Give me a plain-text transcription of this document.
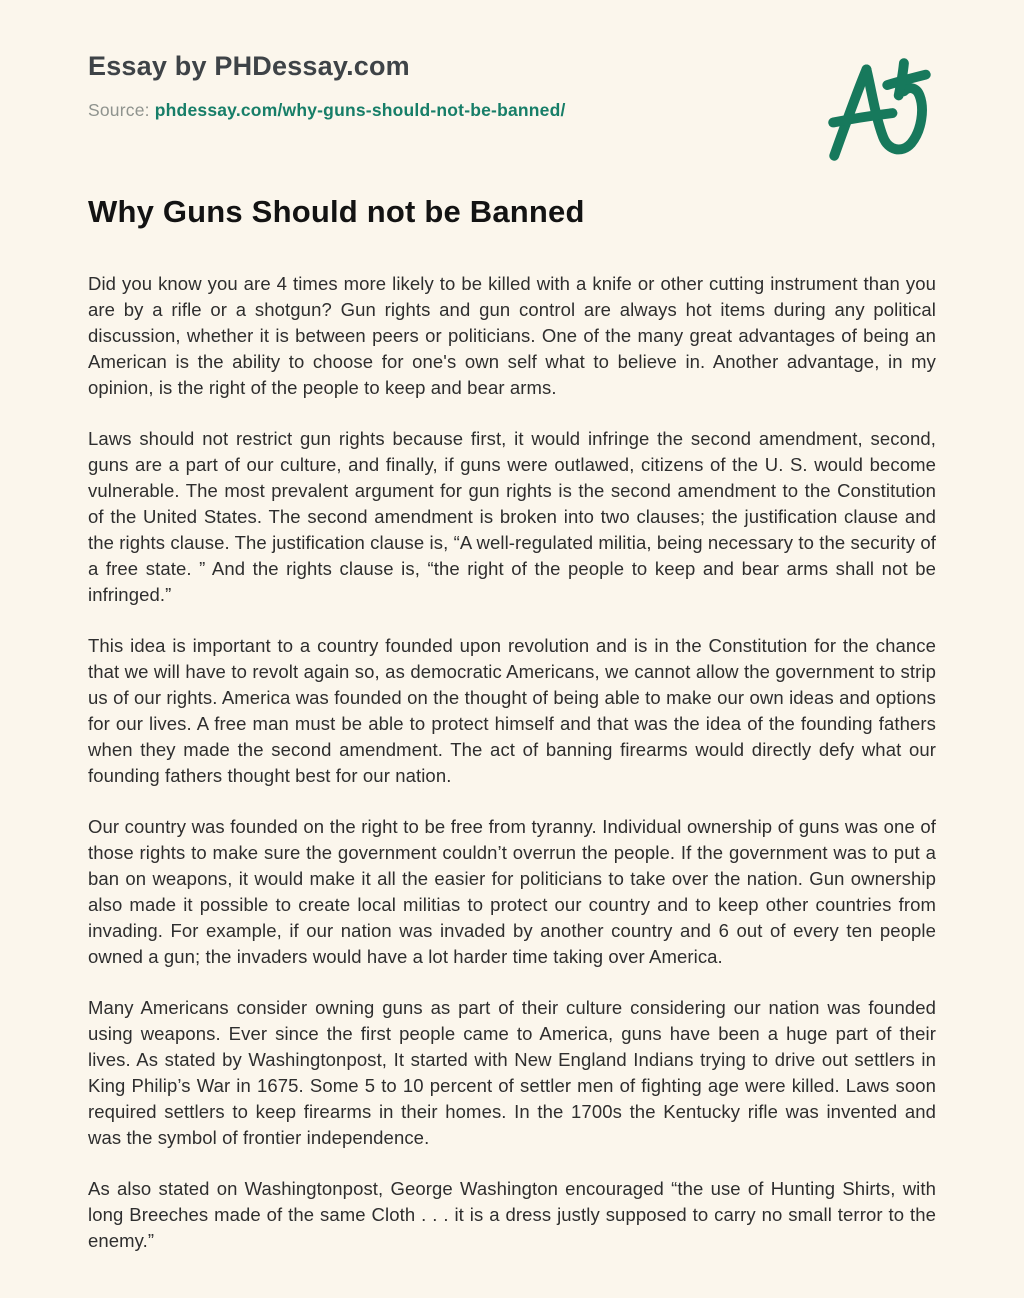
Essay by PHDessay.com
Source: phdessay.com/why-guns-should-not-be-banned/
Why Guns Should not be Banned

Did you know you are 4 times more likely to be killed with a knife or other cutting instrument than you are by a rifle or a shotgun? Gun rights and gun control are always hot items during any political discussion, whether it is between peers or politicians. One of the many great advantages of being an American is the ability to choose for one's own self what to believe in. Another advantage, in my opinion, is the right of the people to keep and bear arms.

Laws should not restrict gun rights because first, it would infringe the second amendment, second, guns are a part of our culture, and finally, if guns were outlawed, citizens of the U. S. would become vulnerable. The most prevalent argument for gun rights is the second amendment to the Constitution of the United States. The second amendment is broken into two clauses; the justification clause and the rights clause. The justification clause is, “A well-regulated militia, being necessary to the security of a free state. ” And the rights clause is, “the right of the people to keep and bear arms shall not be infringed.”

This idea is important to a country founded upon revolution and is in the Constitution for the chance that we will have to revolt again so, as democratic Americans, we cannot allow the government to strip us of our rights. America was founded on the thought of being able to make our own ideas and options for our lives. A free man must be able to protect himself and that was the idea of the founding fathers when they made the second amendment. The act of banning firearms would directly defy what our founding fathers thought best for our nation.

Our country was founded on the right to be free from tyranny. Individual ownership of guns was one of those rights to make sure the government couldn’t overrun the people. If the government was to put a ban on weapons, it would make it all the easier for politicians to take over the nation. Gun ownership also made it possible to create local militias to protect our country and to keep other countries from invading. For example, if our nation was invaded by another country and 6 out of every ten people owned a gun; the invaders would have a lot harder time taking over America.

Many Americans consider owning guns as part of their culture considering our nation was founded using weapons. Ever since the first people came to America, guns have been a huge part of their lives. As stated by Washingtonpost, It started with New England Indians trying to drive out settlers in King Philip’s War in 1675. Some 5 to 10 percent of settler men of fighting age were killed. Laws soon required settlers to keep firearms in their homes. In the 1700s the Kentucky rifle was invented and was the symbol of frontier independence.

As also stated on Washingtonpost, George Washington encouraged “the use of Hunting Shirts, with long Breeches made of the same Cloth . . . it is a dress justly supposed to carry no small terror to the enemy.”
